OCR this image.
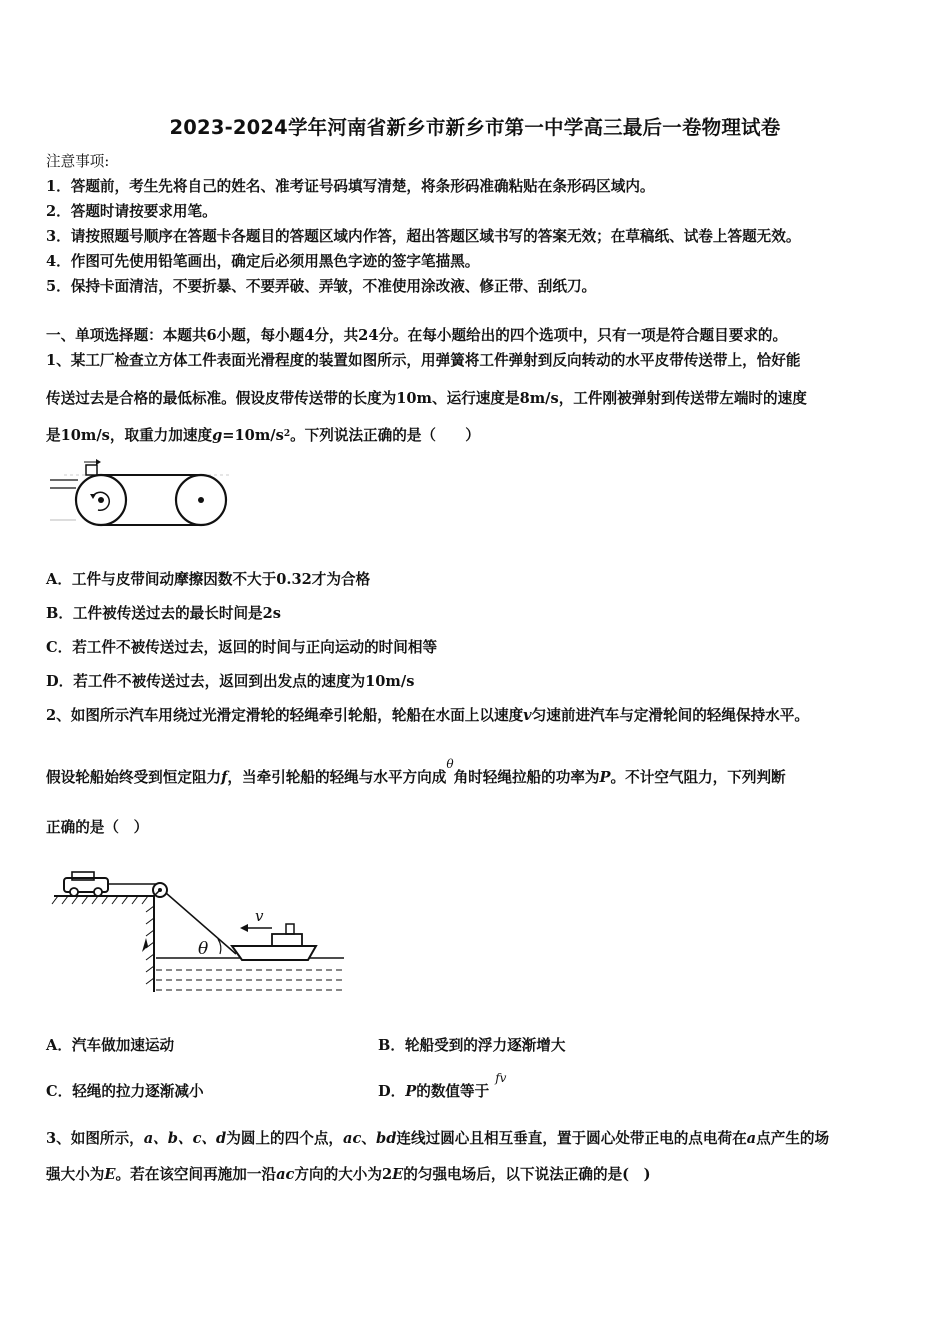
2023-2024学年河南省新乡市新乡市第一中学高三最后一卷物理试卷
注意事项:
1．答题前，考生先将自己的姓名、准考证号码填写清楚，将条形码准确粘贴在条形码区域内。
2．答题时请按要求用笔。
3．请按照题号顺序在答题卡各题目的答题区域内作答，超出答题区域书写的答案无效；在草稿纸、试卷上答题无效。
4．作图可先使用铅笔画出，确定后必须用黑色字迹的签字笔描黑。
5．保持卡面清洁，不要折暴、不要弄破、弄皱，不准使用涂改液、修正带、刮纸刀。
一、单项选择题：本题共6小题，每小题4分，共24分。在每小题给出的四个选项中，只有一项是符合题目要求的。
1、某工厂检查立方体工件表面光滑程度的装置如图所示，用弹簧将工件弹射到反向转动的水平皮带传送带上，恰好能
传送过去是合格的最低标准。假设皮带传送带的长度为10m、运行速度是8m/s，工件刚被弹射到传送带左端时的速度
是10m/s，取重力加速度$g=10m/s^2$。下列说法正确的是（　　）
A．工件与皮带间动摩擦因数不大于0.32才为合格
B．工件被传送过去的最长时间是2s
C．若工件不被传送过去，返回的时间与正向运动的时间相等
D．若工件不被传送过去，返回到出发点的速度为10m/s
2、如图所示汽车用绕过光滑定滑轮的轻绳牵引轮船，轮船在水面上以速度v匀速前进汽车与定滑轮间的轻绳保持水平。
假设轮船始终受到恒定阻力f，当牵引轮船的轻绳与水平方向成θ角时轻绳拉船的功率为P。不计空气阻力，下列判断
正确的是（　）
v
θ
A．汽车做加速运动	B．轮船受到的浮力逐渐增大
C．轻绳的拉力逐渐减小	D．P的数值等于fv
3、如图所示，a、b、c、d为圆上的四个点，ac、bd连线过圆心且相互垂直，置于圆心处带正电的点电荷在a点产生的场
强大小为E。若在该空间再施加一沿ac方向的大小为2E的匀强电场后，以下说法正确的是(　)
